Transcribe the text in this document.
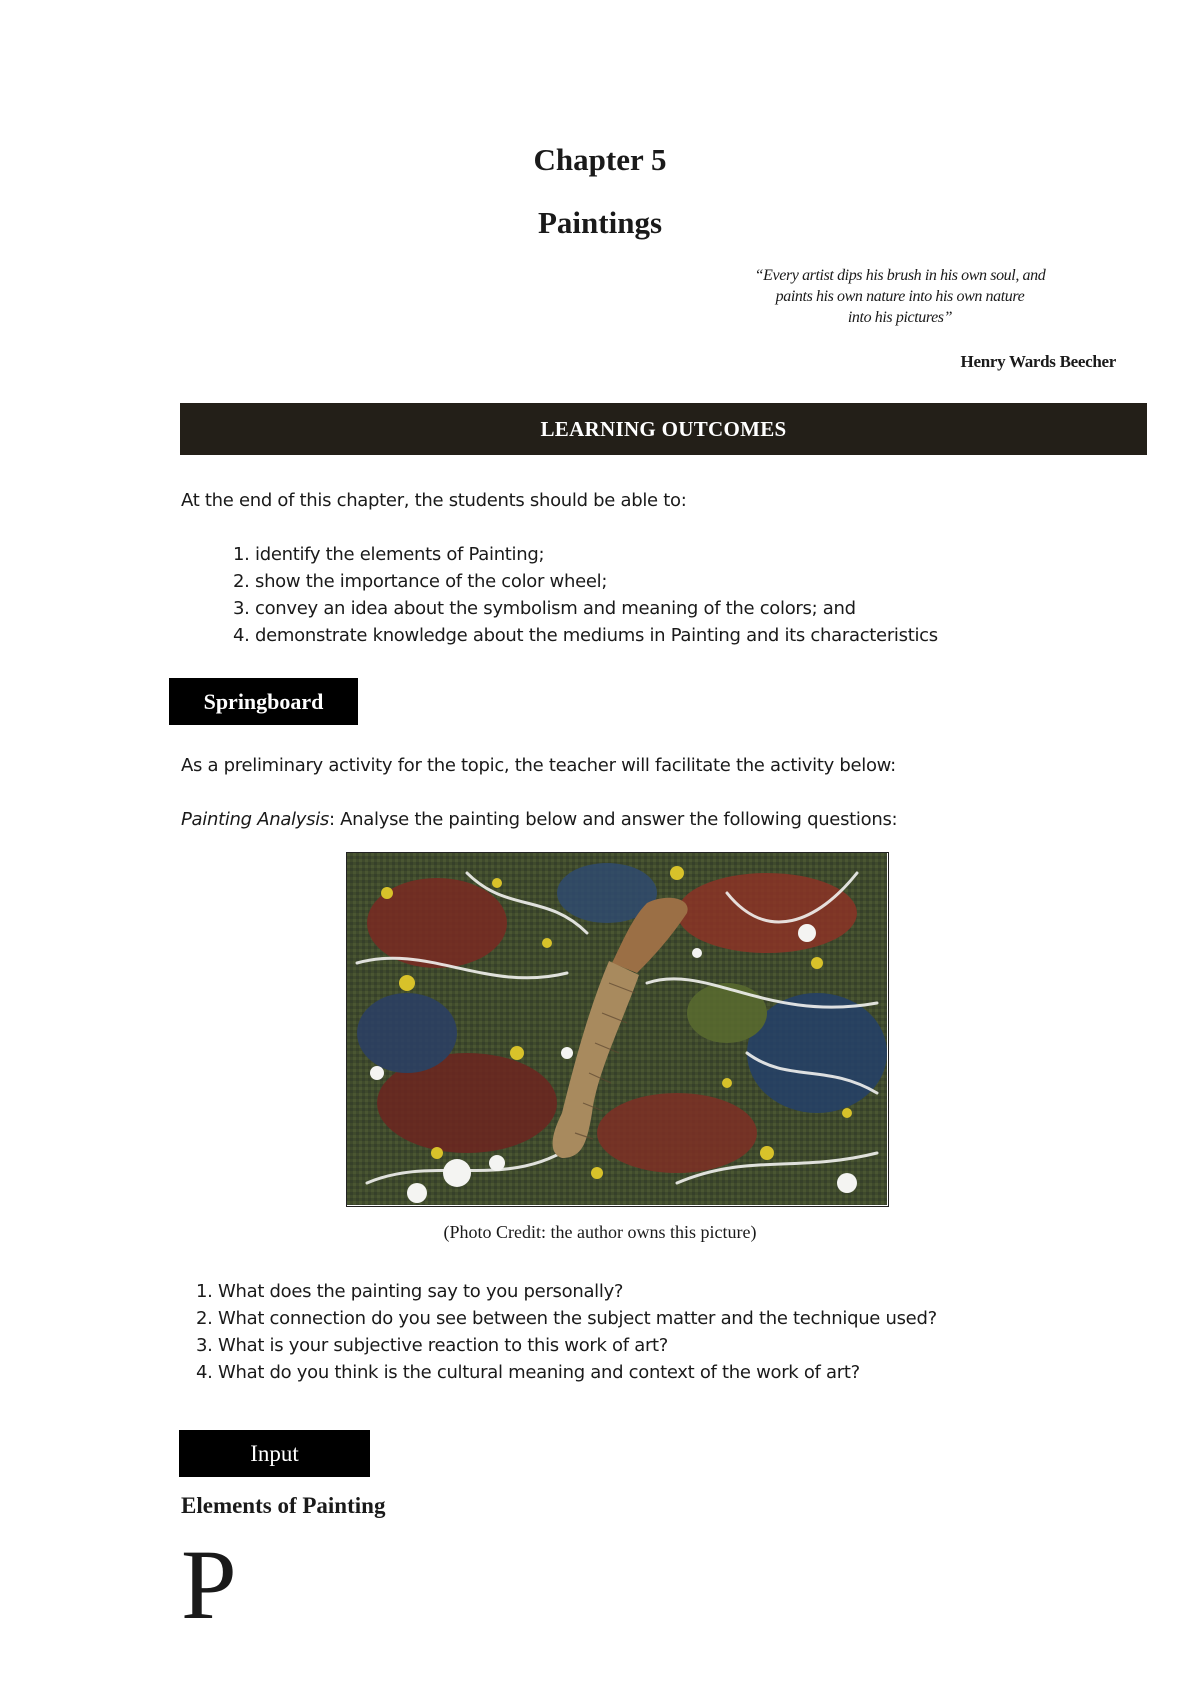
Chapter 5
Paintings
“Every artist dips his brush in his own soul, and
paints his own nature into his own nature
into his pictures”
Henry Wards Beecher
LEARNING OUTCOMES
At the end of this chapter, the students should be able to:
1. identify the elements of Painting;
2. show the importance of the color wheel;
3. convey an idea about the symbolism and meaning of the colors; and
4. demonstrate knowledge about the mediums in Painting and its characteristics
Springboard
As a preliminary activity for the topic, the teacher will facilitate the activity below:
Painting Analysis: Analyse the painting below and answer the following questions:
(Photo Credit: the author owns this picture)
1. What does the painting say to you personally?
2. What connection do you see between the subject matter and the technique used?
3. What is your subjective reaction to this work of art?
4. What do you think is the cultural meaning and context of the work of art?
Input
Elements of Painting
P
